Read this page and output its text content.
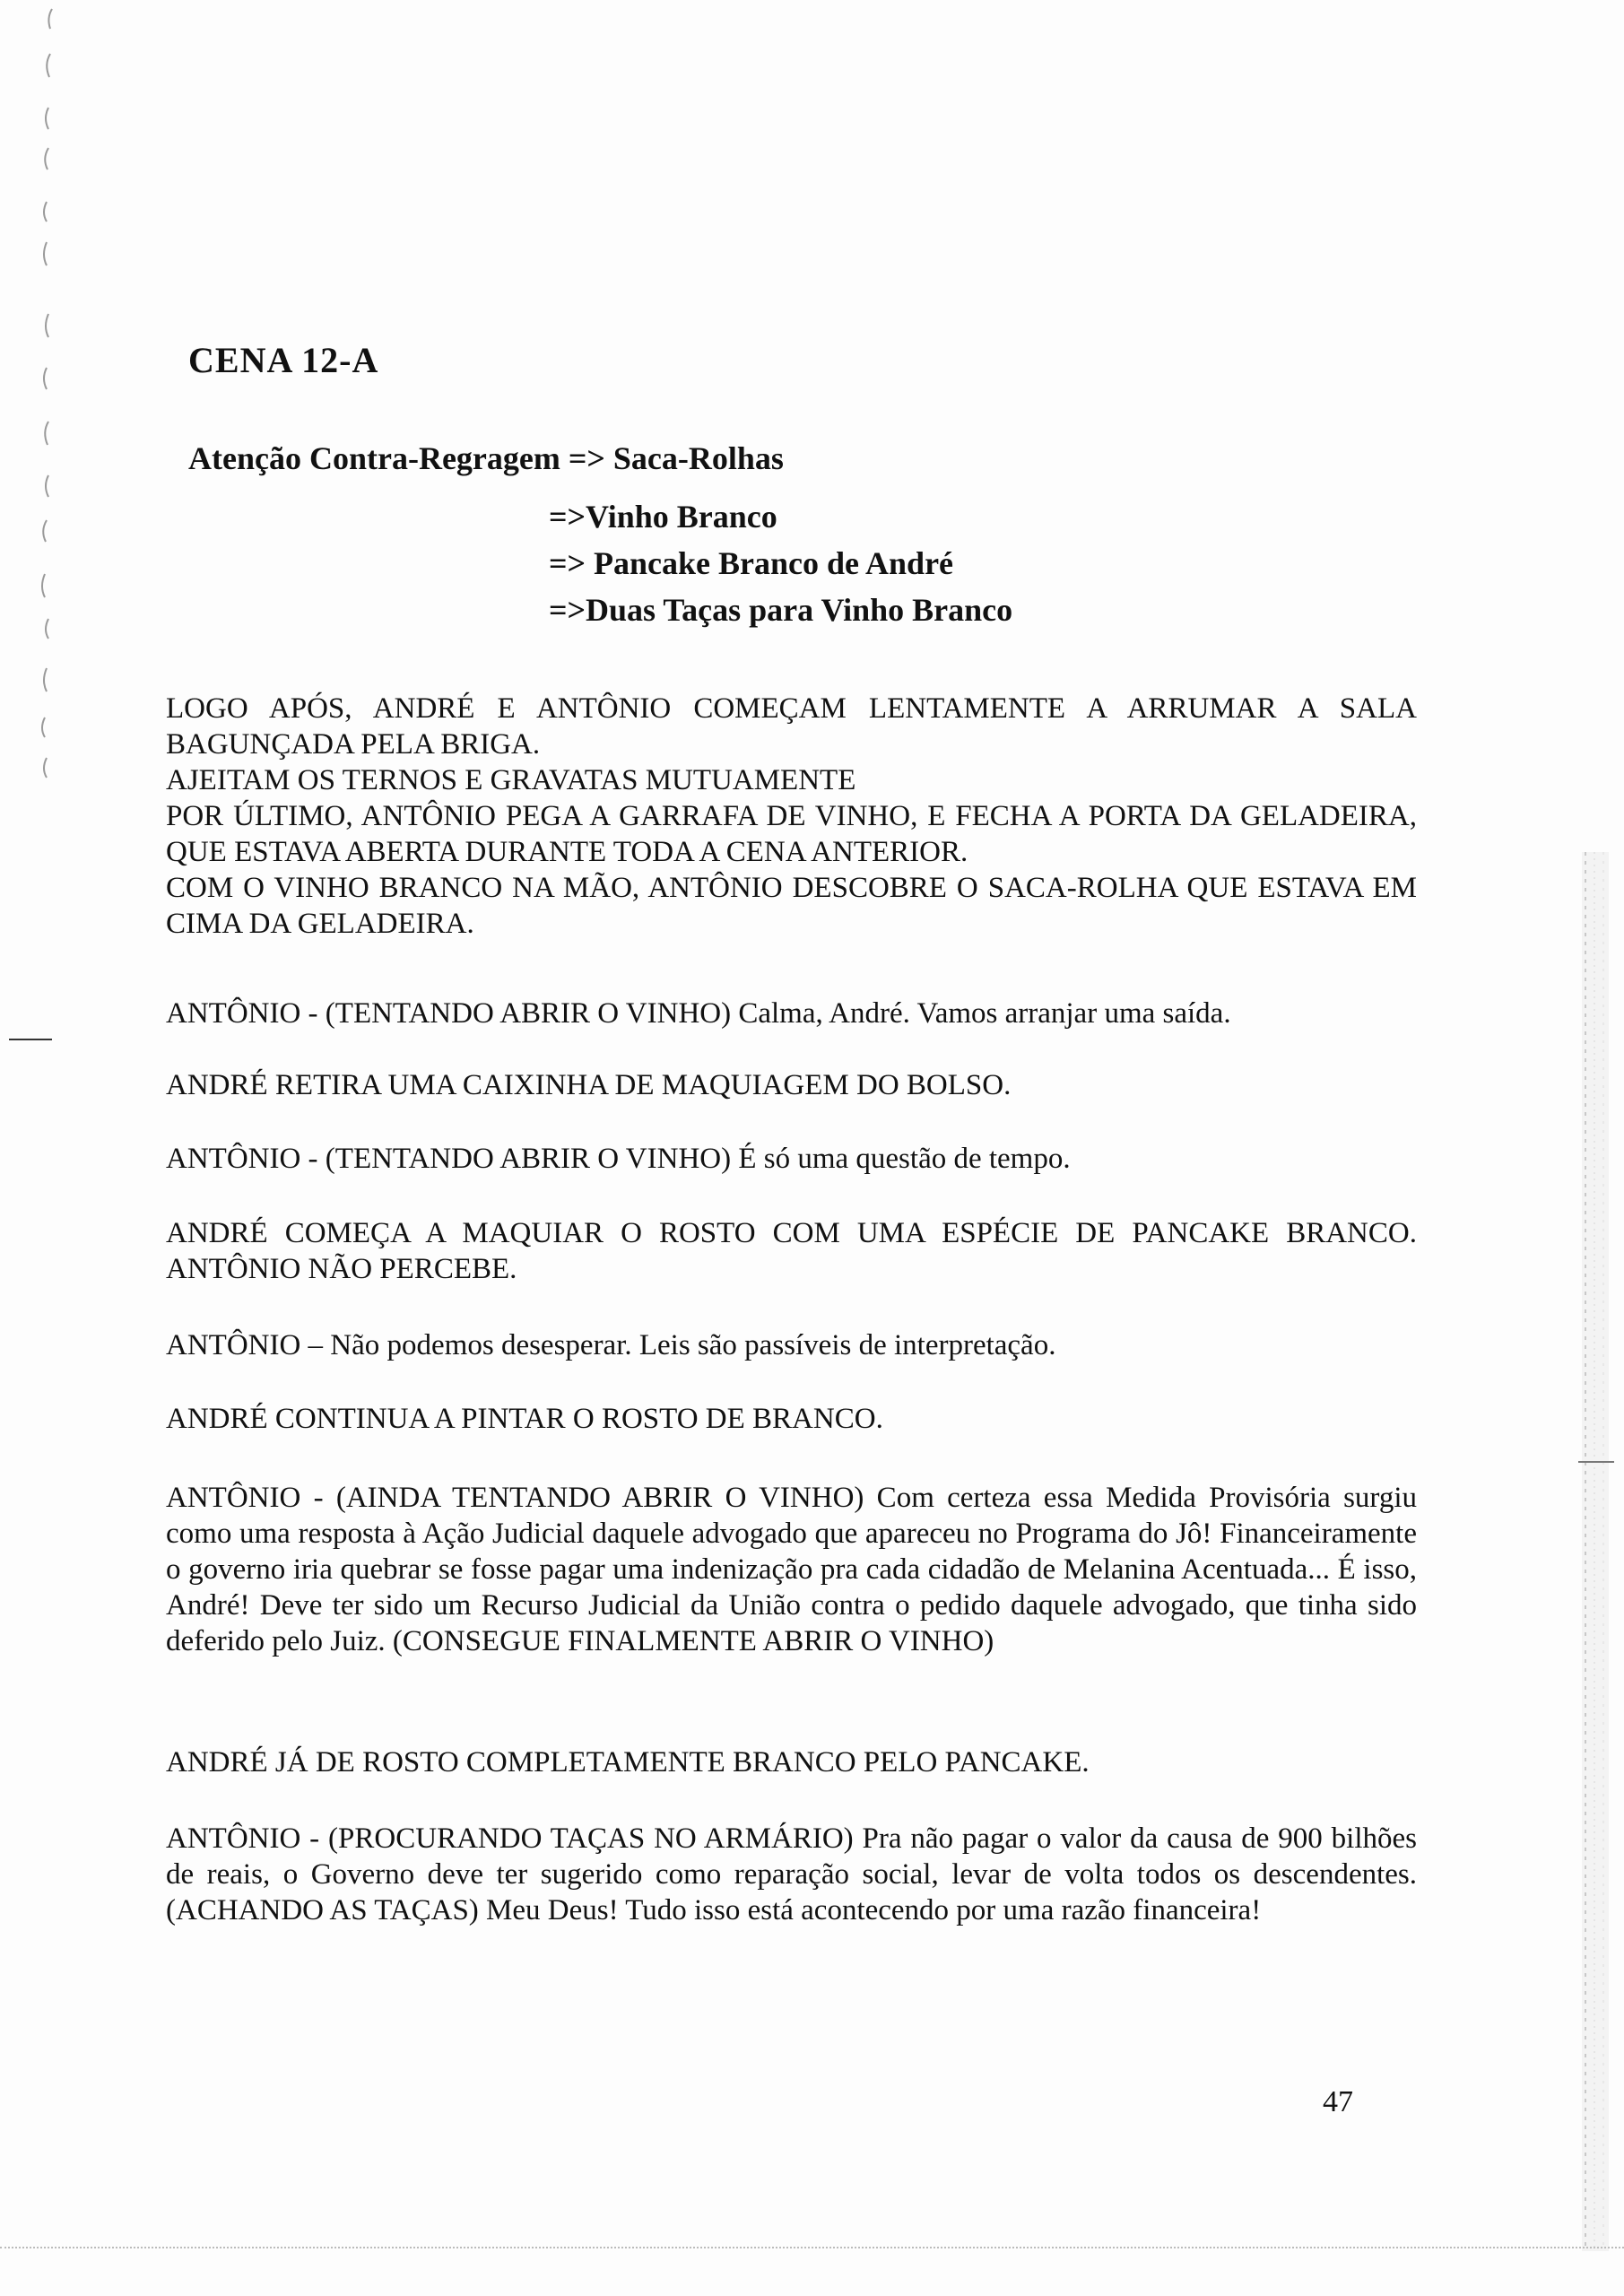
CENA 12-A
Atenção Contra-Regragem => Saca-Rolhas
=>Vinho Branco
=> Pancake Branco de André
=>Duas Taças para Vinho Branco
LOGO APÓS, ANDRÉ E ANTÔNIO COMEÇAM LENTAMENTE A ARRUMAR A SALA BAGUNÇADA PELA BRIGA.
AJEITAM OS TERNOS E GRAVATAS MUTUAMENTE
POR ÚLTIMO, ANTÔNIO PEGA A GARRAFA DE VINHO, E FECHA A PORTA DA GELADEIRA, QUE ESTAVA ABERTA DURANTE TODA A CENA ANTERIOR.
COM O VINHO BRANCO NA MÃO, ANTÔNIO DESCOBRE O SACA-ROLHA QUE ESTAVA EM CIMA DA GELADEIRA.
ANTÔNIO - (TENTANDO ABRIR O VINHO) Calma, André. Vamos arranjar uma saída.
ANDRÉ RETIRA UMA CAIXINHA DE MAQUIAGEM DO BOLSO.
ANTÔNIO - (TENTANDO ABRIR O VINHO) É só uma questão de tempo.
ANDRÉ COMEÇA A MAQUIAR O ROSTO COM UMA ESPÉCIE DE PANCAKE BRANCO. ANTÔNIO NÃO PERCEBE.
ANTÔNIO – Não podemos desesperar. Leis são passíveis de interpretação.
ANDRÉ CONTINUA A PINTAR O ROSTO DE BRANCO.
ANTÔNIO - (AINDA TENTANDO ABRIR O VINHO) Com certeza essa Medida Provisória surgiu como uma resposta à Ação Judicial daquele advogado que apareceu no Programa do Jô! Financeiramente o governo iria quebrar se fosse pagar uma indenização pra cada cidadão de Melanina Acentuada... É isso, André! Deve ter sido um Recurso Judicial da União contra o pedido daquele advogado, que tinha sido deferido pelo Juiz. (CONSEGUE FINALMENTE ABRIR O VINHO)
ANDRÉ JÁ DE ROSTO COMPLETAMENTE BRANCO PELO PANCAKE.
ANTÔNIO - (PROCURANDO TAÇAS NO ARMÁRIO) Pra não pagar o valor da causa de 900 bilhões de reais, o Governo deve ter sugerido como reparação social, levar de volta todos os descendentes. (ACHANDO AS TAÇAS) Meu Deus! Tudo isso está acontecendo por uma razão financeira!
47
